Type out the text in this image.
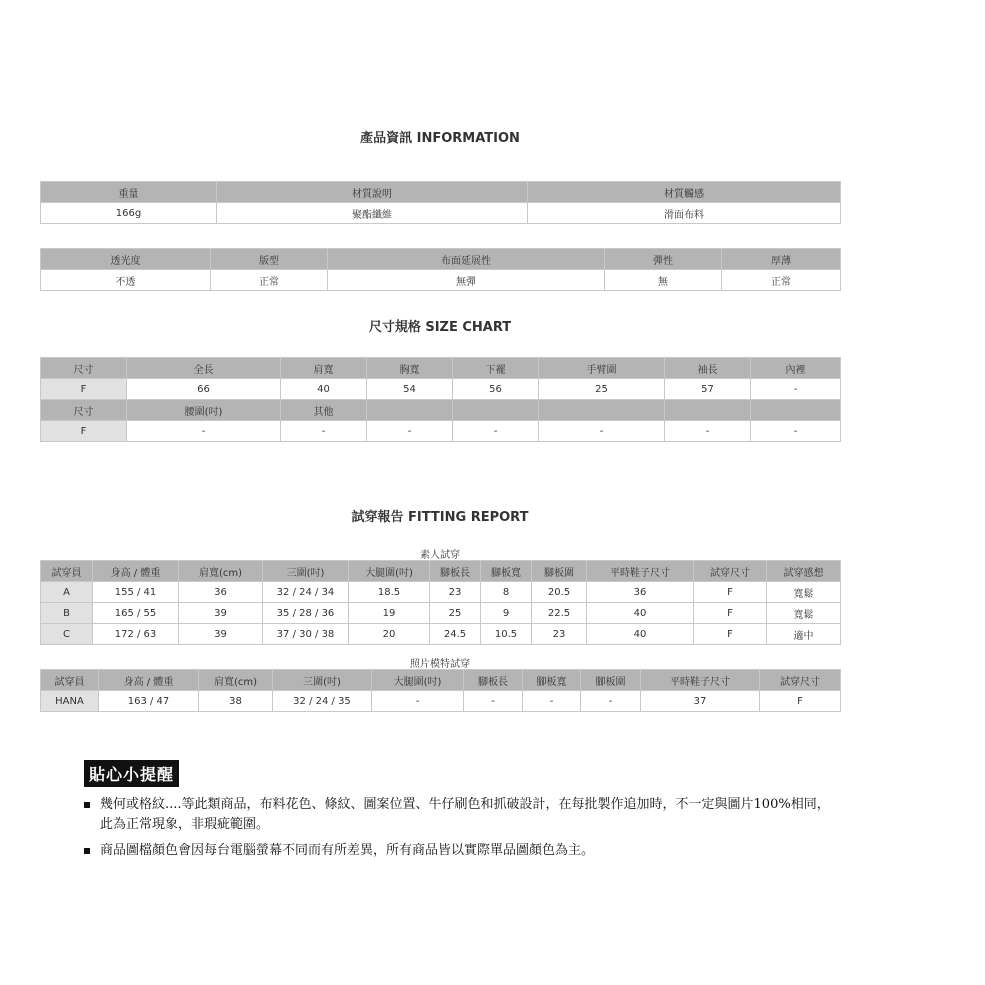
產品資訊 INFORMATION
重量	材質說明	材質觸感
166g	聚酯纖維	滑面布料
透光度	版型	布面延展性	彈性	厚薄
不透	正常	無彈	無	正常
尺寸規格 SIZE CHART
尺寸	全長	肩寬	胸寬	下襬	手臂圍	袖長	內裡
F	66	40	54	56	25	57	-
尺寸	腰圍(吋)	其他					
F	-	-	-	-	-	-	-
試穿報告 FITTING REPORT
素人試穿
試穿員	身高 / 體重	肩寬(cm)	三圍(吋)	大腿圍(吋)	腳板長	腳板寬	腳板圍	平時鞋子尺寸	試穿尺寸	試穿感想
A	155 / 41	36	32 / 24 / 34	18.5	23	8	20.5	36	F	寬鬆
B	165 / 55	39	35 / 28 / 36	19	25	9	22.5	40	F	寬鬆
C	172 / 63	39	37 / 30 / 38	20	24.5	10.5	23	40	F	適中
照片模特試穿
試穿員	身高 / 體重	肩寬(cm)	三圍(吋)	大腿圍(吋)	腳板長	腳板寬	腳板圍	平時鞋子尺寸	試穿尺寸
HANA	163 / 47	38	32 / 24 / 35	-	-	-	-	37	F
貼心小提醒
幾何或格紋....等此類商品，布料花色、條紋、圖案位置、牛仔刷色和抓破設計，在每批製作追加時，不一定與圖片100%相同，此為正常現象，非瑕疵範圍。
商品圖檔顏色會因每台電腦螢幕不同而有所差異，所有商品皆以實際單品圖顏色為主。
